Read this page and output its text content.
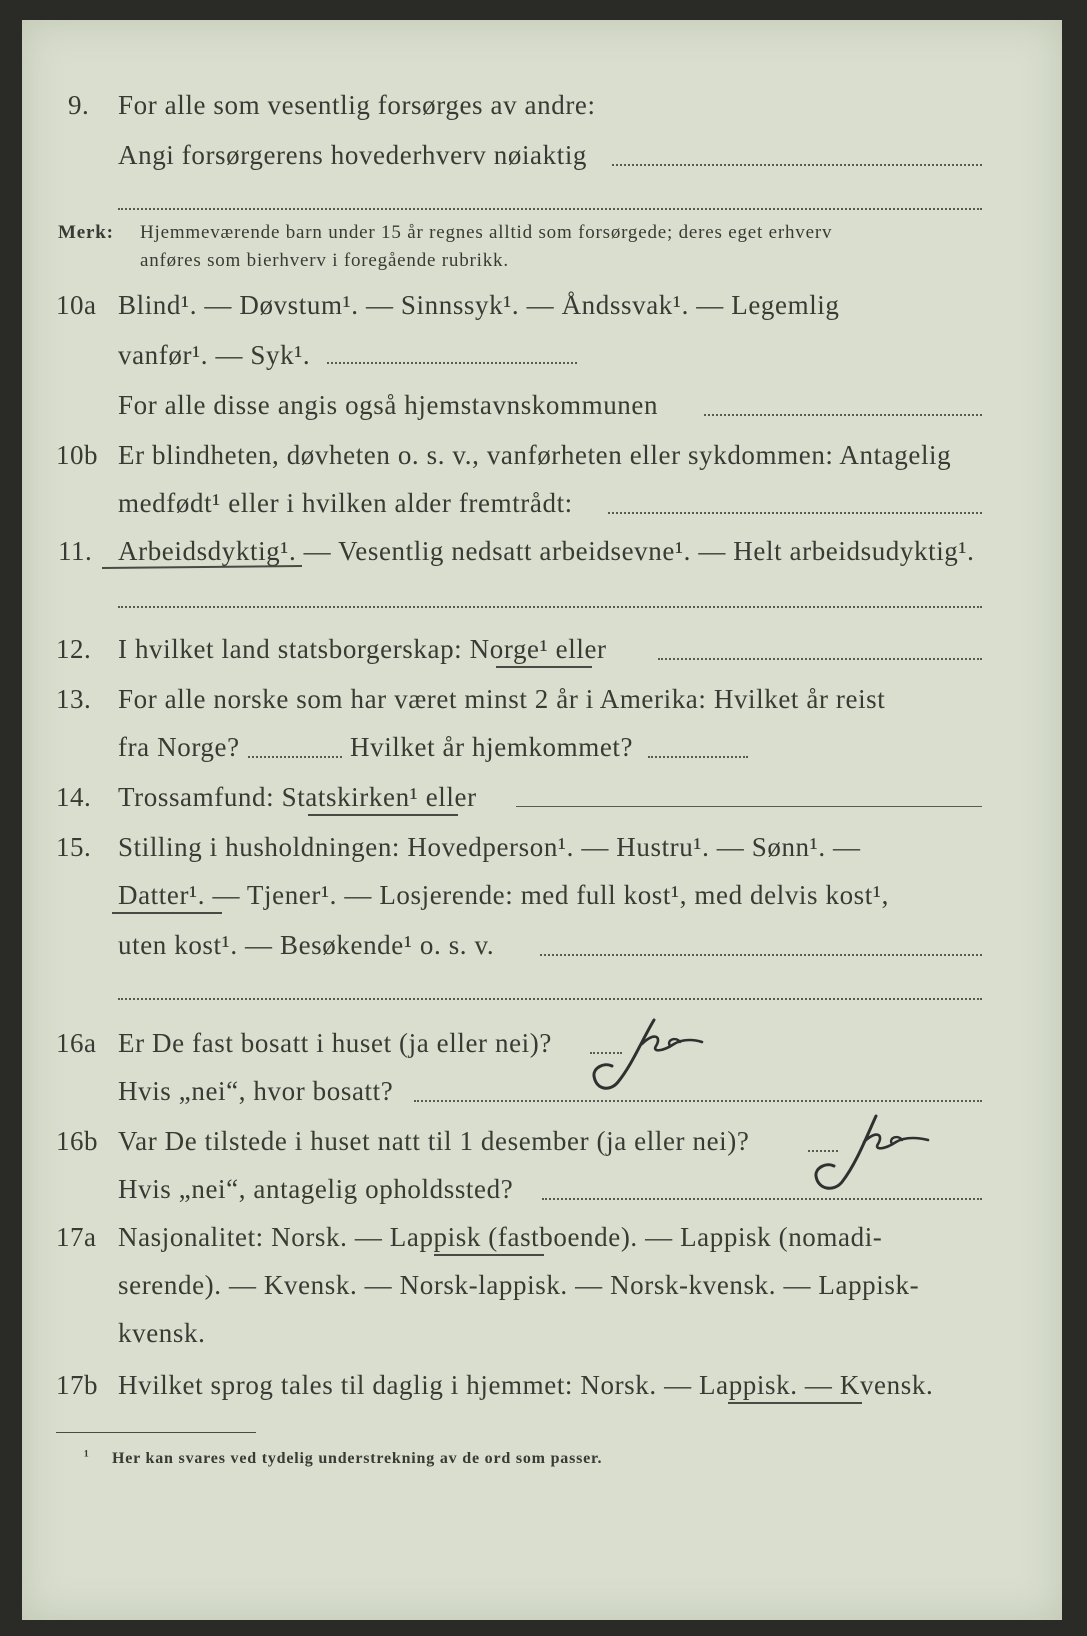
9. For alle som vesentlig forsørges av andre:
Angi forsørgerens hovederhverv nøiaktig
Merk: Hjemmeværende barn under 15 år regnes alltid som forsørgede; deres eget erhverv
anføres som bierhverv i foregående rubrikk.
10a Blind¹. — Døvstum¹. — Sinnssyk¹. — Åndssvak¹. — Legemlig
vanfør¹. — Syk¹.
For alle disse angis også hjemstavnskommunen
10b Er blindheten, døvheten o. s. v., vanførheten eller sykdommen: Antagelig
medfødt¹ eller i hvilken alder fremtrådt:
11. Arbeidsdyktig¹. — Vesentlig nedsatt arbeidsevne¹. — Helt arbeidsudyktig¹.
12. I hvilket land statsborgerskap: Norge¹ eller
13. For alle norske som har været minst 2 år i Amerika: Hvilket år reist
fra Norge?	Hvilket år hjemkommet?
14. Trossamfund: Statskirken¹ eller
15. Stilling i husholdningen: Hovedperson¹. — Hustru¹. — Sønn¹. —
Datter¹. — Tjener¹. — Losjerende: med full kost¹, med delvis kost¹,
uten kost¹. — Besøkende¹ o. s. v.
16a Er De fast bosatt i huset (ja eller nei)?
Hvis „nei“, hvor bosatt?
16b Var De tilstede i huset natt til 1 desember (ja eller nei)?
Hvis „nei“, antagelig opholdssted?
17a Nasjonalitet: Norsk. — Lappisk (fastboende). — Lappisk (nomadi-
serende). — Kvensk. — Norsk-lappisk. — Norsk-kvensk. — Lappisk-
kvensk.
17b Hvilket sprog tales til daglig i hjemmet: Norsk. — Lappisk. — Kvensk.
¹ Her kan svares ved tydelig understrekning av de ord som passer.
